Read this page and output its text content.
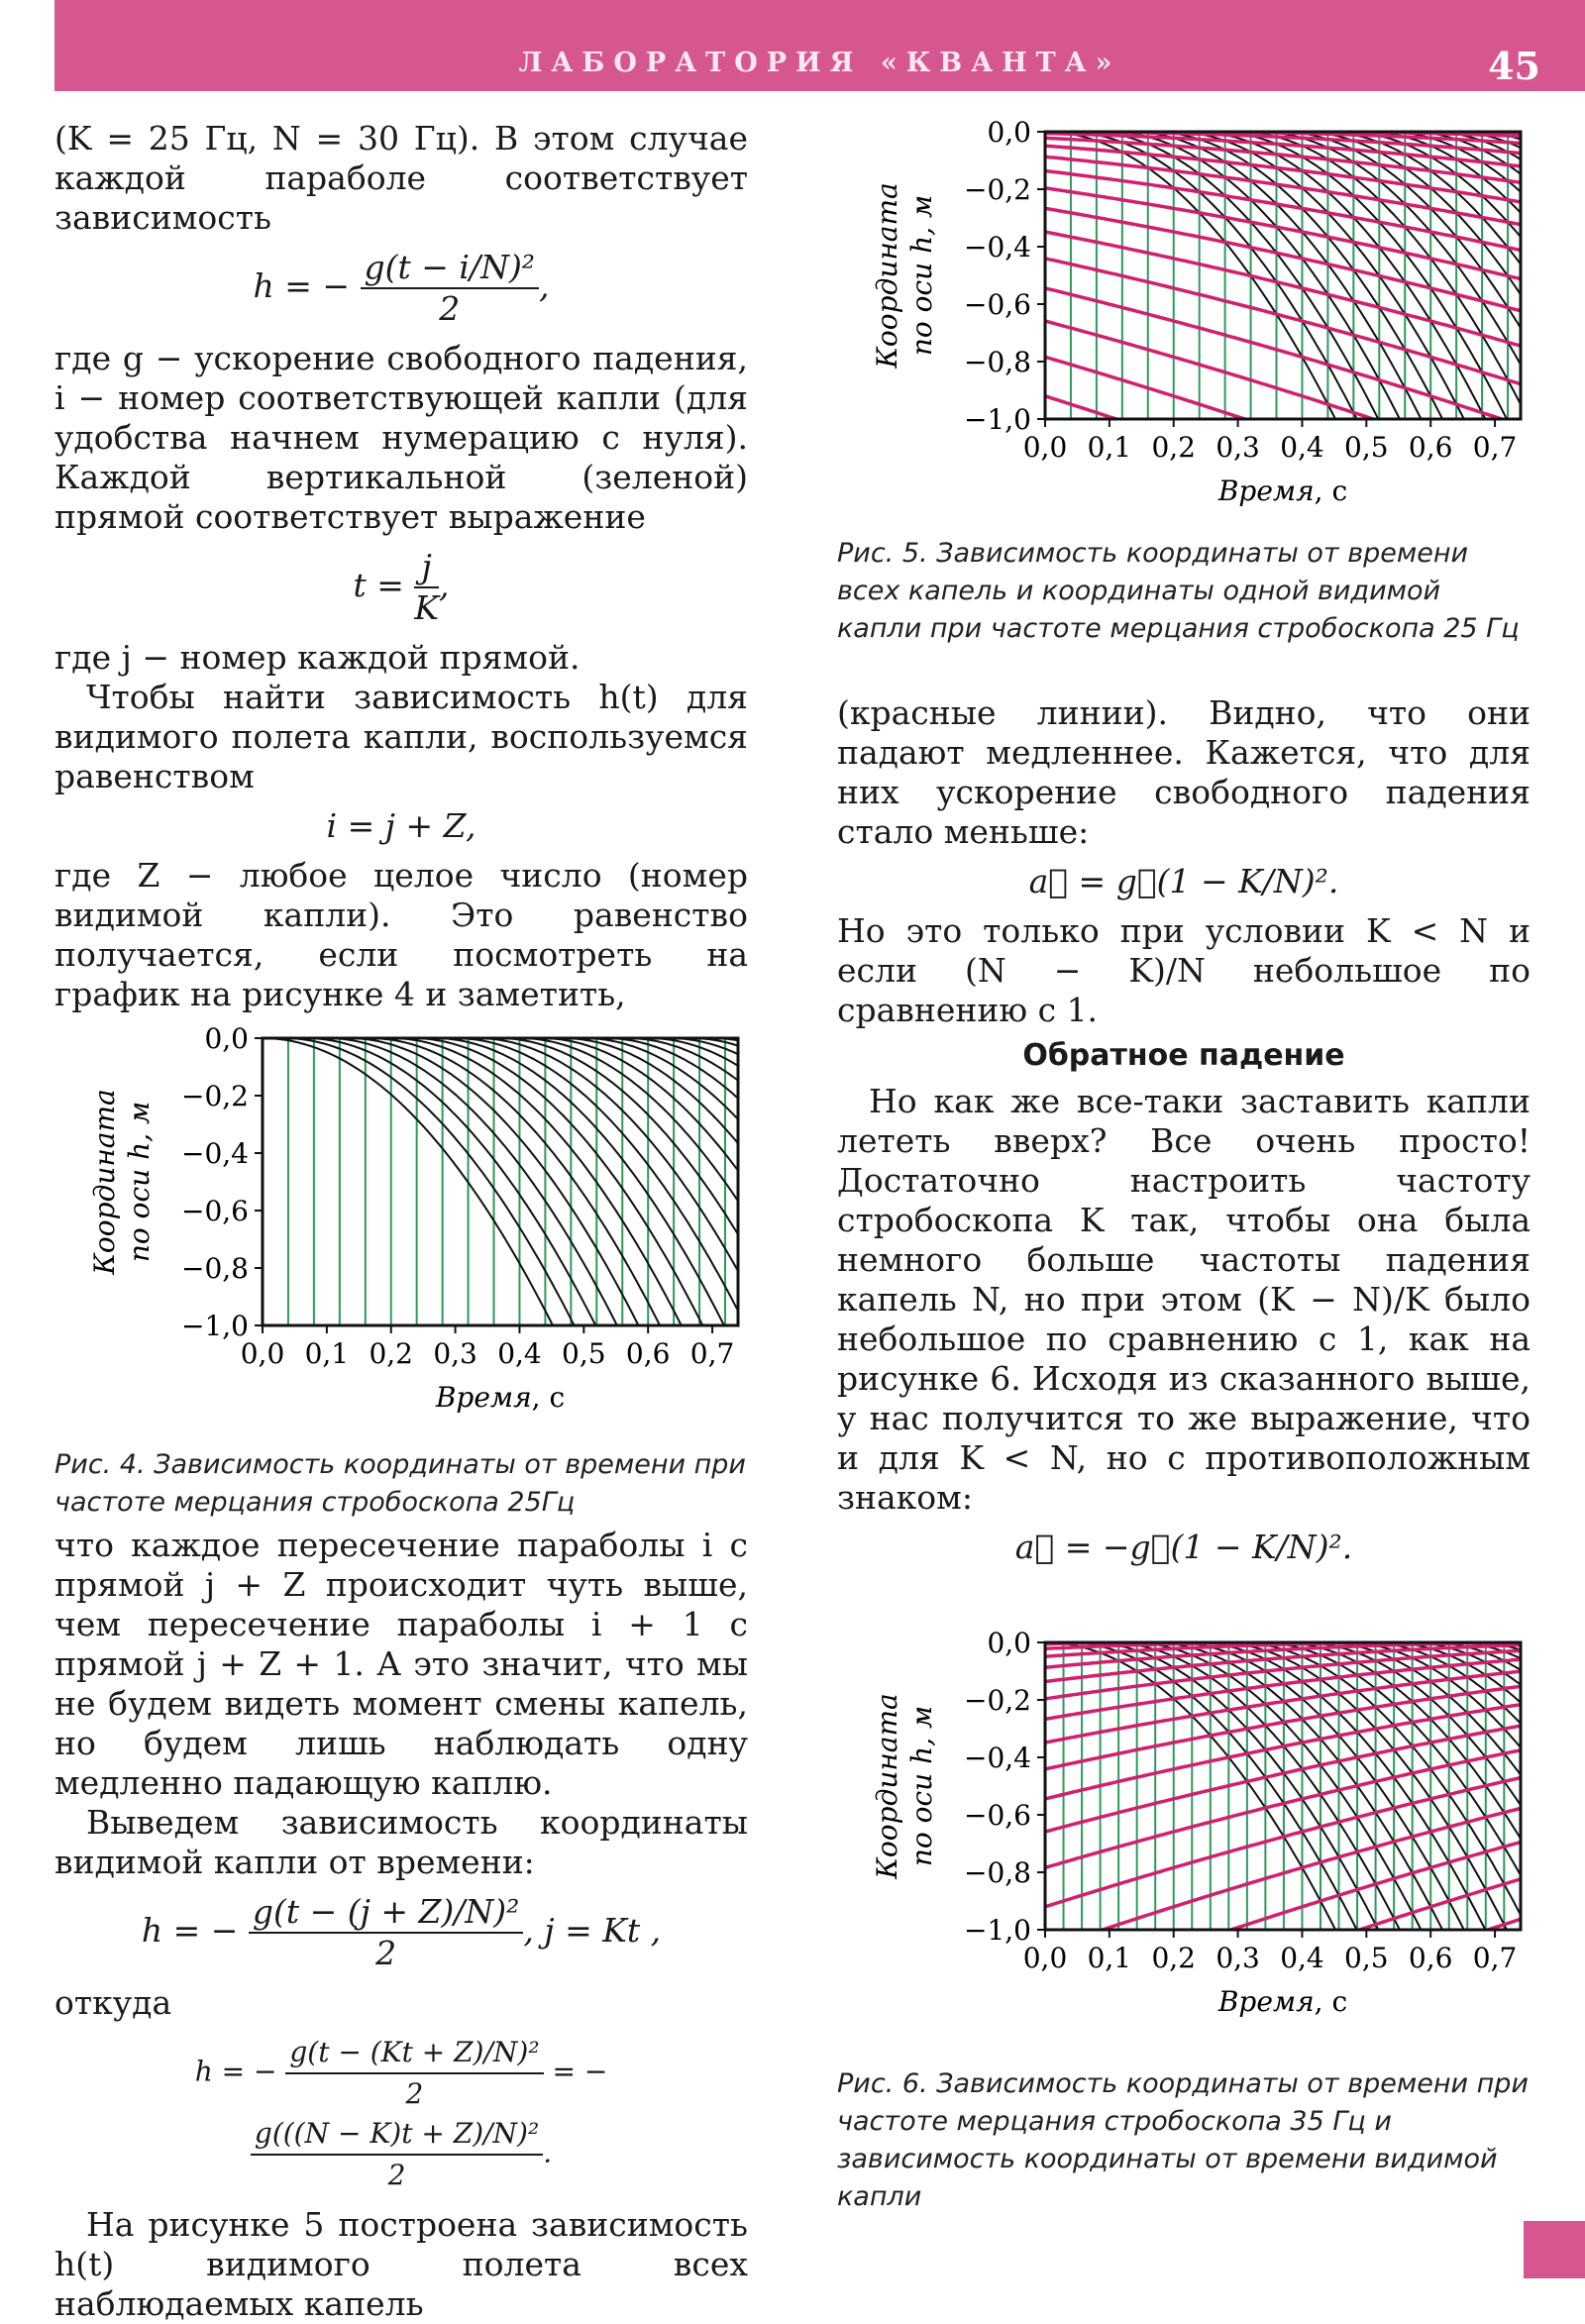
ЛАБОРАТОРИЯ «КВАНТА»	45

(K = 25 Гц, N = 30 Гц). В этом случае каждой параболе соответствует зависимость

h = − $\frac{\text{g(t − i/N)²}}{2}$ ,

где g − ускорение свободного падения, i − номер соответствующей капли (для удобства начнем нумерацию с нуля). Каждой вертикальной (зеленой) прямой соответствует выражение

$t = \frac{j}{K}$ ,

где j − номер каждой прямой.

Чтобы найти зависимость h(t) для видимого полета капли, воспользуемся равенством

i = j + Z,

где Z − любое целое число (номер видимой капли). Это равенство получается, если посмотреть на график на рисунке 4 и заметить,

0,0
−0,2
−0,4
−0,6
−0,8
−1,0
0,0 0,1 0,2 0,3 0,4 0,5 0,6 0,7
Координата по оси h, м
Время, с
Рис. 4. Зависимость координаты от времени при частоте мерцания стробоскопа 25Гц

что каждое пересечение параболы i с прямой j + Z происходит чуть выше, чем пересечение параболы i + 1 с прямой j + Z + 1. А это значит, что мы не будем видеть момент смены капель, но будем лишь наблюдать одну медленно падающую каплю.

Выведем зависимость координаты видимой капли от времени:

h = − $\frac{\text{g(t − (j + Z)/N)²}}{2}$ , j = Kt ,

откуда

h = − $\frac{\text{g(t − (Kt + Z)/N)²}}{2}$ = −
$\frac{\text{g(((N − K)t + Z)/N)²}}{2}$ .

На рисунке 5 построена зависимость h(t) видимого полета всех наблюдаемых капель

0,0
−0,2
−0,4
−0,6
−0,8
−1,0
0,0 0,1 0,2 0,3 0,4 0,5 0,6 0,7
Координата по оси h, м
Время, с
Рис. 5. Зависимость координаты от времени всех капель и координаты одной видимой капли при частоте мерцания стробоскопа 25 Гц

(красные линии). Видно, что они падают медленнее. Кажется, что для них ускорение свободного падения стало меньше:

a⃗ = g⃗(1 − K/N)².

Но это только при условии K < N и если (N − K)/N небольшое по сравнению с 1.

Обратное падение

Но как же все-таки заставить капли лететь вверх? Все очень просто! Достаточно настроить частоту стробоскопа K так, чтобы она была немного больше частоты падения капель N, но при этом (K − N)/K было небольшое по сравнению с 1, как на рисунке 6. Исходя из сказанного выше, у нас получится то же выражение, что и для K < N, но с противоположным знаком:

a⃗ = −g⃗(1 − K/N)².
0,0
−0,2
−0,4
−0,6
−0,8
−1,0
0,0 0,1 0,2 0,3 0,4 0,5 0,6 0,7
Координата по оси h, м
Время, с
Рис. 6. Зависимость координаты от времени при частоте мерцания стробоскопа 35 Гц и зависимость координаты от времени видимой капли
